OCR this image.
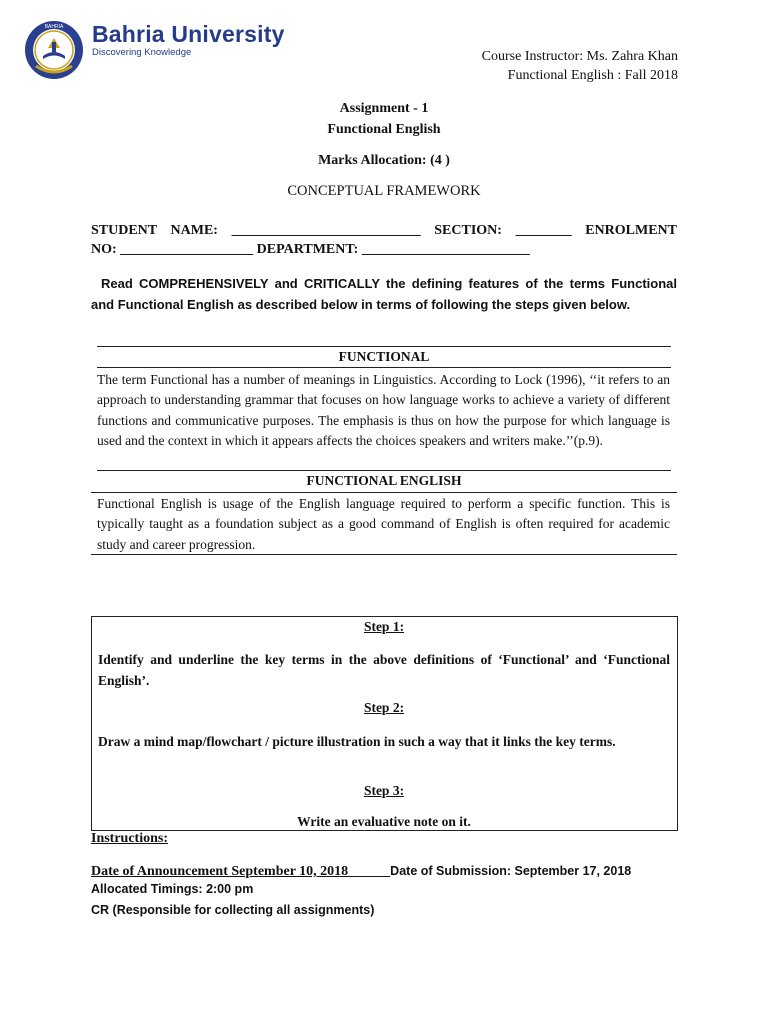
BAHRIA Bahria University
Discovering Knowledge	Course Instructor: Ms. Zahra Khan
Functional English : Fall 2018
Assignment - 1
Functional English
Marks Allocation: (4 )
CONCEPTUAL FRAMEWORK
STUDENT NAME: ___________________________ SECTION: ________ ENROLMENT
NO: ___________________ DEPARTMENT: ________________________

Read COMPREHENSIVELY and CRITICALLY the defining features of the terms Functional and Functional English as described below in terms of following the steps given below.

FUNCTIONAL

The term Functional has a number of meanings in Linguistics. According to Lock (1996), ‘‘it refers to an approach to understanding grammar that focuses on how language works to achieve a variety of different functions and communicative purposes. The emphasis is thus on how the purpose for which language is used and the context in which it appears affects the choices speakers and writers make.’’(p.9).

FUNCTIONAL ENGLISH

Functional English is usage of the English language required to perform a specific function. This is typically taught as a foundation subject as a good command of English is often required for academic study and career progression.

Step 1:

Identify and underline the key terms in the above definitions of ‘Functional’ and ‘Functional English’.

Step 2:

Draw a mind map/flowchart / picture illustration in such a way that it links the key terms.

Step 3:
Write an evaluative note on it.
Instructions:
Date of Announcement September 10, 2018______Date of Submission: September 17, 2018
Allocated Timings: 2:00 pm
CR (Responsible for collecting all assignments)
